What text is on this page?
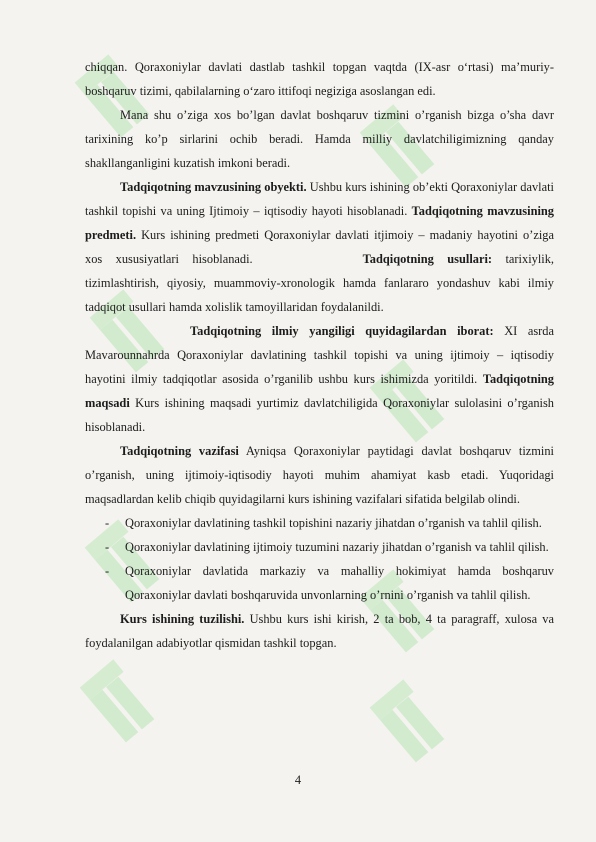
chiqqan. Qoraxoniylar davlati dastlab tashkil topgan vaqtda (IX-asr o‘rtasi) ma’muriy-boshqaruv tizimi, qabilalarning o‘zaro ittifoqi negiziga asoslangan edi.

Mana shu o’ziga xos bo’lgan davlat boshqaruv tizmini o’rganish bizga o’sha davr tarixining ko’p sirlarini ochib beradi. Hamda milliy davlatchiligimizning qanday shakllanganligini kuzatish imkoni beradi.

Tadqiqotning mavzusining obyekti. Ushbu kurs ishining ob’ekti Qoraxoniylar davlati tashkil topishi va uning Ijtimoiy – iqtisodiy hayoti hisoblanadi. Tadqiqotning mavzusining predmeti. Kurs ishining predmeti Qoraxoniylar davlati itjimoiy – madaniy hayotini o’ziga xos xususiyatlari hisoblanadi.	Tadqiqotning usullari: tarixiylik, tizimlashtirish, qiyosiy, muammoviy-xronologik hamda fanlararo yondashuv kabi ilmiy tadqiqot usullari hamda xolislik tamoyillaridan foydalanildi.

Tadqiqotning ilmiy yangiligi quyidagilardan iborat: XI asrda Mavarounnahrda Qoraxoniylar davlatining tashkil topishi va uning ijtimoiy – iqtisodiy hayotini ilmiy tadqiqotlar asosida o’rganilib ushbu kurs ishimizda yoritildi. Tadqiqotning maqsadi Kurs ishining maqsadi yurtimiz davlatchiligida Qoraxoniylar sulolasini o’rganish hisoblanadi.

Tadqiqotning vazifasi Ayniqsa Qoraxoniylar paytidagi davlat boshqaruv tizmini o’rganish, uning ijtimoiy-iqtisodiy hayoti muhim ahamiyat kasb etadi. Yuqoridagi maqsadlardan kelib chiqib quyidagilarni kurs ishining vazifalari sifatida belgilab olindi.

- Qoraxoniylar davlatining tashkil topishini nazariy jihatdan o’rganish va tahlil qilish.
- Qoraxoniylar davlatining ijtimoiy tuzumini nazariy jihatdan o’rganish va tahlil qilish.
- Qoraxoniylar davlatida markaziy va mahalliy hokimiyat hamda boshqaruv Qoraxoniylar davlati boshqaruvida unvonlarning o’rnini o’rganish va tahlil qilish.

Kurs ishining tuzilishi. Ushbu kurs ishi kirish, 2 ta bob, 4 ta paragraff, xulosa va foydalanilgan adabiyotlar qismidan tashkil topgan.

4
